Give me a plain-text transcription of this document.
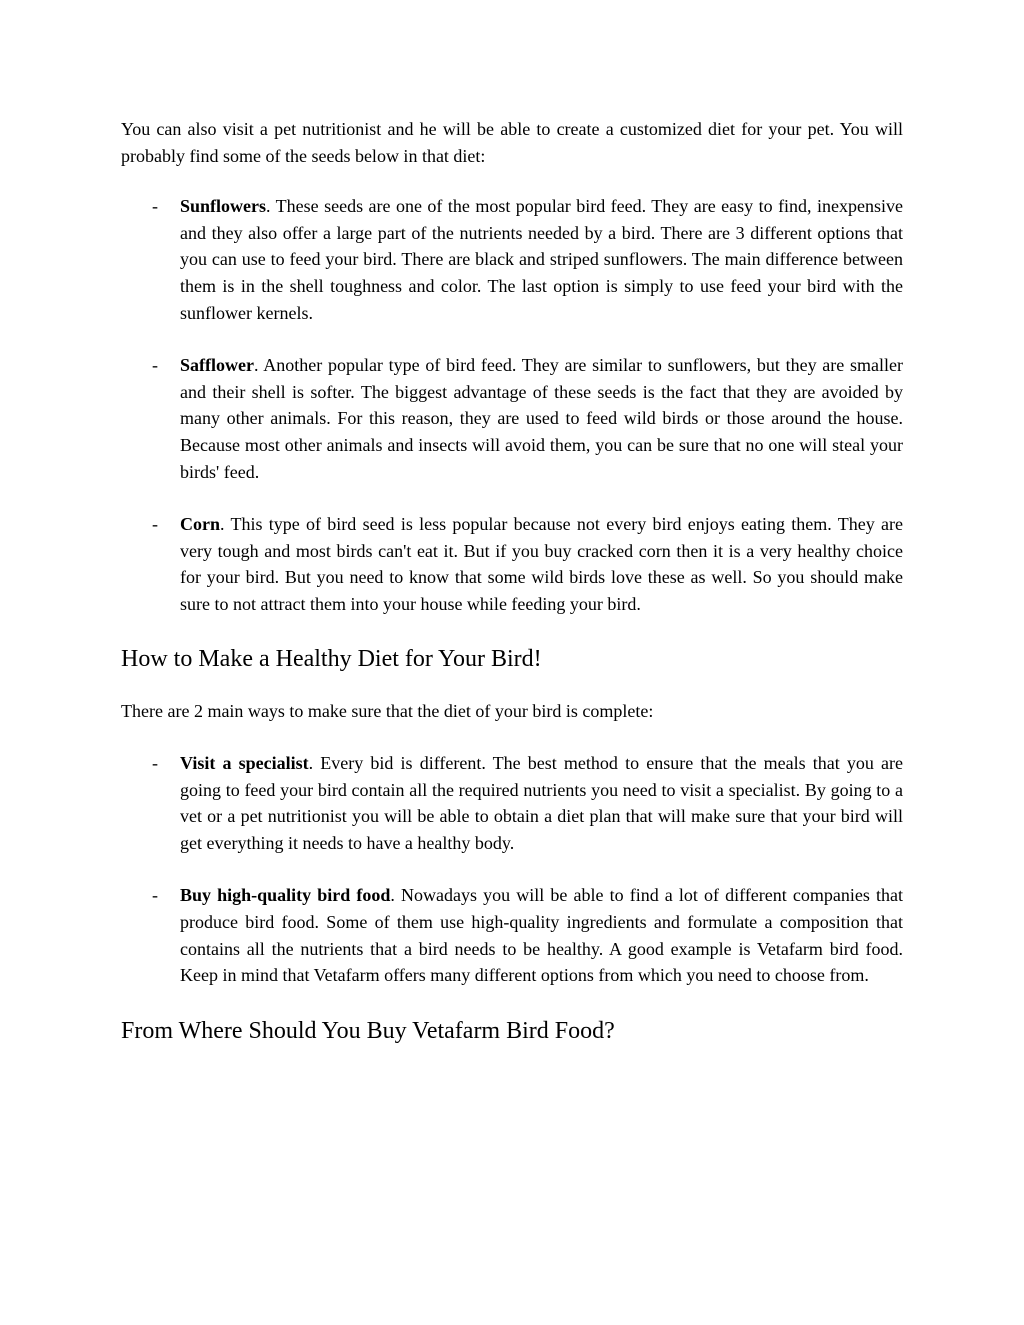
You can also visit a pet nutritionist and he will be able to create a customized diet for your pet. You will probably find some of the seeds below in that diet:

- Sunflowers. These seeds are one of the most popular bird feed. They are easy to find, inexpensive and they also offer a large part of the nutrients needed by a bird. There are 3 different options that you can use to feed your bird. There are black and striped sunflowers. The main difference between them is in the shell toughness and color. The last option is simply to use feed your bird with the sunflower kernels.
- Safflower. Another popular type of bird feed. They are similar to sunflowers, but they are smaller and their shell is softer. The biggest advantage of these seeds is the fact that they are avoided by many other animals. For this reason, they are used to feed wild birds or those around the house. Because most other animals and insects will avoid them, you can be sure that no one will steal your birds' feed.
- Corn. This type of bird seed is less popular because not every bird enjoys eating them. They are very tough and most birds can't eat it. But if you buy cracked corn then it is a very healthy choice for your bird. But you need to know that some wild birds love these as well. So you should make sure to not attract them into your house while feeding your bird.
How to Make a Healthy Diet for Your Bird!

There are 2 main ways to make sure that the diet of your bird is complete:

- Visit a specialist. Every bid is different. The best method to ensure that the meals that you are going to feed your bird contain all the required nutrients you need to visit a specialist. By going to a vet or a pet nutritionist you will be able to obtain a diet plan that will make sure that your bird will get everything it needs to have a healthy body.
- Buy high-quality bird food. Nowadays you will be able to find a lot of different companies that produce bird food. Some of them use high-quality ingredients and formulate a composition that contains all the nutrients that a bird needs to be healthy. A good example is Vetafarm bird food. Keep in mind that Vetafarm offers many different options from which you need to choose from.
From Where Should You Buy Vetafarm Bird Food?
